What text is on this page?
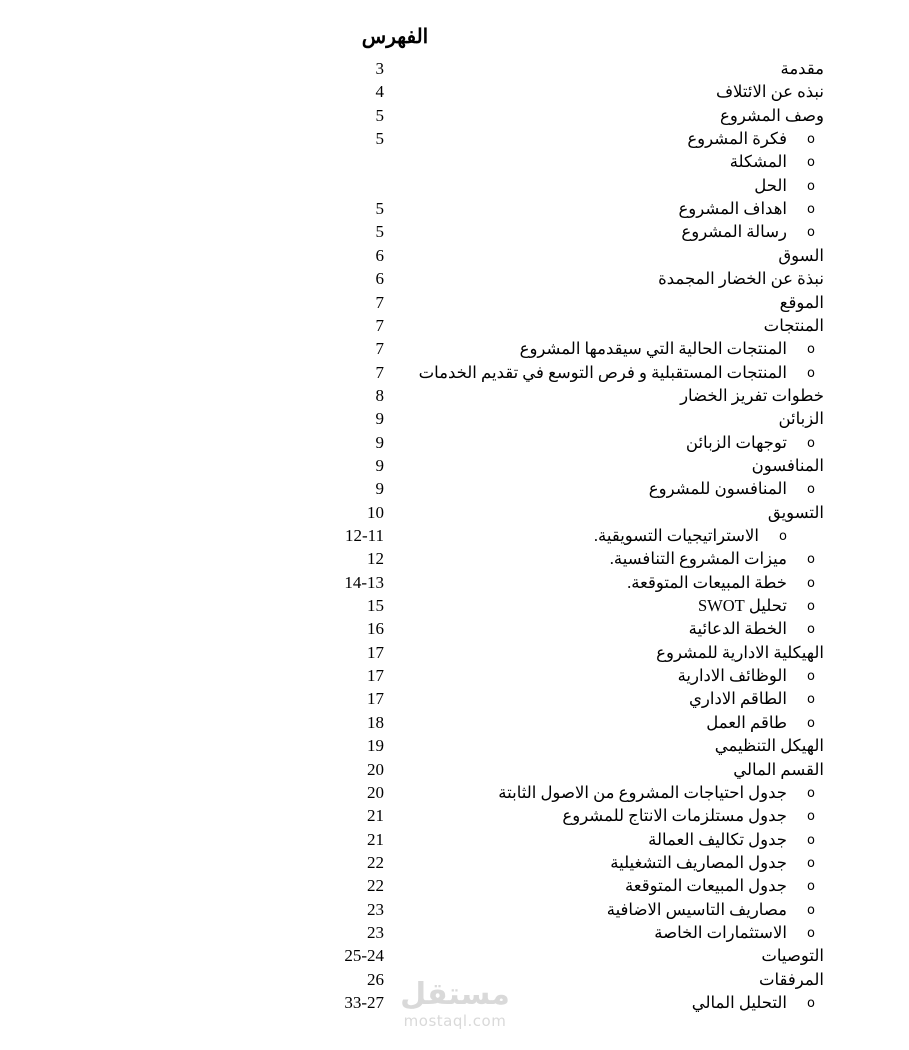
الفهرس
مقدمة
3
نبذه عن الائتلاف
4
وصف المشروع
5
فكرة المشروع o
5
المشكلة o
الحل o
اهداف المشروع o
5
رسالة المشروع o
5
السوق
6
نبذة عن الخضار المجمدة
6
الموقع
7
المنتجات
7
المنتجات الحالية التي سيقدمها المشروع o
7
المنتجات المستقبلية و فرص التوسع في تقديم الخدمات o
7
خطوات تفريز الخضار
8
الزبائن
9
توجهات الزبائن o
9
المنافسون
9
المنافسون للمشروع o
9
التسويق
10
الاستراتيجيات التسويقية. o
12-11
ميزات المشروع التنافسية. o
12
خطة المبيعات المتوقعة. o
14-13
تحليل SWOT o
15
الخطة الدعائية o
16
الهيكلية الادارية للمشروع
17
الوظائف الادارية o
17
الطاقم الاداري o
17
طاقم العمل o
18
الهيكل التنظيمي
19
القسم المالي
20
جدول احتياجات المشروع من الاصول الثابتة o
20
جدول مستلزمات الانتاج للمشروع o
21
جدول تكاليف العمالة o
21
جدول المصاريف التشغيلية o
22
جدول المبيعات المتوقعة o
22
مصاريف التاسيس الاضافية o
23
الاستثمارات الخاصة o
23
التوصيات
25-24
المرفقات
26
التحليل المالي o
33-27 مستقل
mostaql.com
